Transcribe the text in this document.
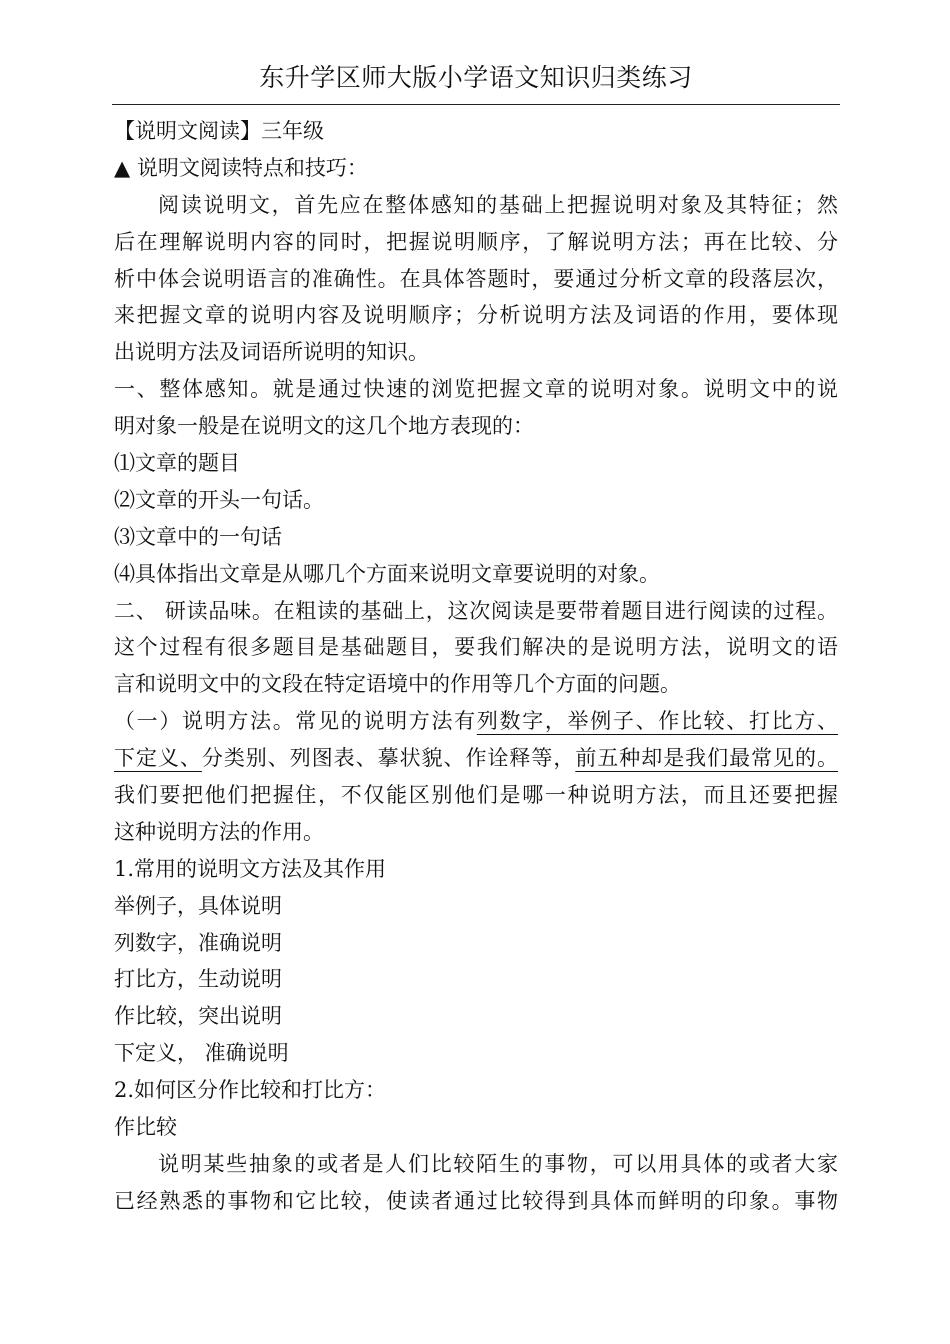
东升学区师大版小学语文知识归类练习
【说明文阅读】三年级
▲ 说明文阅读特点和技巧：
阅读说明文，首先应在整体感知的基础上把握说明对象及其特征；然
后在理解说明内容的同时，把握说明顺序，了解说明方法；再在比较、分
析中体会说明语言的准确性。在具体答题时，要通过分析文章的段落层次，
来把握文章的说明内容及说明顺序；分析说明方法及词语的作用，要体现
出说明方法及词语所说明的知识。
一、整体感知。就是通过快速的浏览把握文章的说明对象。说明文中的说
明对象一般是在说明文的这几个地方表现的：
⑴文章的题目
⑵文章的开头一句话。
⑶文章中的一句话
⑷具体指出文章是从哪几个方面来说明文章要说明的对象。
二、 研读品味。在粗读的基础上，这次阅读是要带着题目进行阅读的过程。
这个过程有很多题目是基础题目，要我们解决的是说明方法，说明文的语
言和说明文中的文段在特定语境中的作用等几个方面的问题。
（一）说明方法。常见的说明方法有列数字，举例子、作比较、打比方、
下定义、分类别、列图表、摹状貌、作诠释等，前五种却是我们最常见的。
我们要把他们把握住，不仅能区别他们是哪一种说明方法，而且还要把握
这种说明方法的作用。
1.常用的说明文方法及其作用
举例子，具体说明
列数字，准确说明
打比方，生动说明
作比较，突出说明
下定义， 准确说明
2.如何区分作比较和打比方：
作比较
说明某些抽象的或者是人们比较陌生的事物，可以用具体的或者大家
已经熟悉的事物和它比较，使读者通过比较得到具体而鲜明的印象。事物
